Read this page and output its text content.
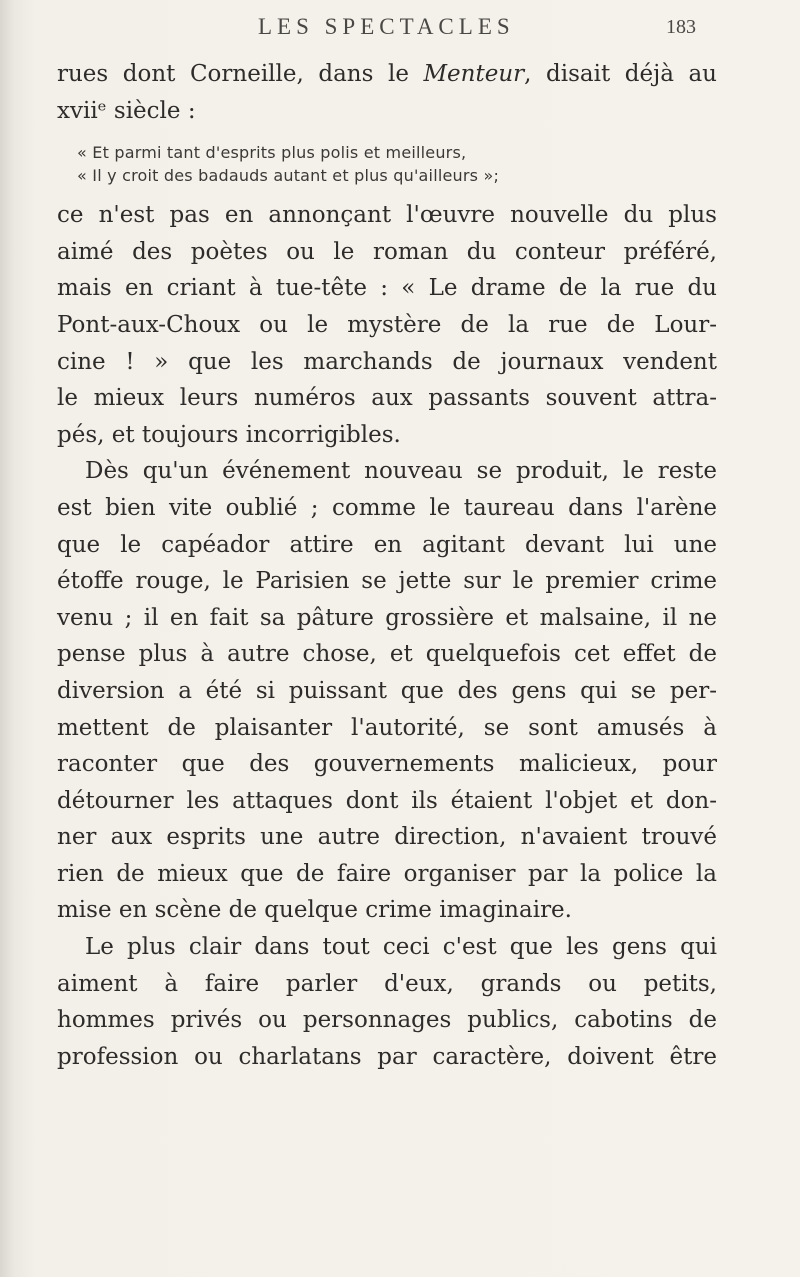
LES SPECTACLES	183
rues dont Corneille, dans le Menteur, disait déjà au
xviiᵉ siècle :
« Et parmi tant d'esprits plus polis et meilleurs,
« Il y croit des badauds autant et plus qu'ailleurs »;
ce n'est pas en annonçant l'œuvre nouvelle du plus
aimé des poètes ou le roman du conteur préféré,
mais en criant à tue-tête : « Le drame de la rue du
Pont-aux-Choux ou le mystère de la rue de Lour-
cine ! » que les marchands de journaux vendent
le mieux leurs numéros aux passants souvent attra-
pés, et toujours incorrigibles.
Dès qu'un événement nouveau se produit, le reste
est bien vite oublié ; comme le taureau dans l'arène
que le capéador attire en agitant devant lui une
étoffe rouge, le Parisien se jette sur le premier crime
venu ; il en fait sa pâture grossière et malsaine, il ne
pense plus à autre chose, et quelquefois cet effet de
diversion a été si puissant que des gens qui se per-
mettent de plaisanter l'autorité, se sont amusés à
raconter que des gouvernements malicieux, pour
détourner les attaques dont ils étaient l'objet et don-
ner aux esprits une autre direction, n'avaient trouvé
rien de mieux que de faire organiser par la police la
mise en scène de quelque crime imaginaire.
Le plus clair dans tout ceci c'est que les gens qui
aiment à faire parler d'eux, grands ou petits,
hommes privés ou personnages publics, cabotins de
profession ou charlatans par caractère, doivent être
